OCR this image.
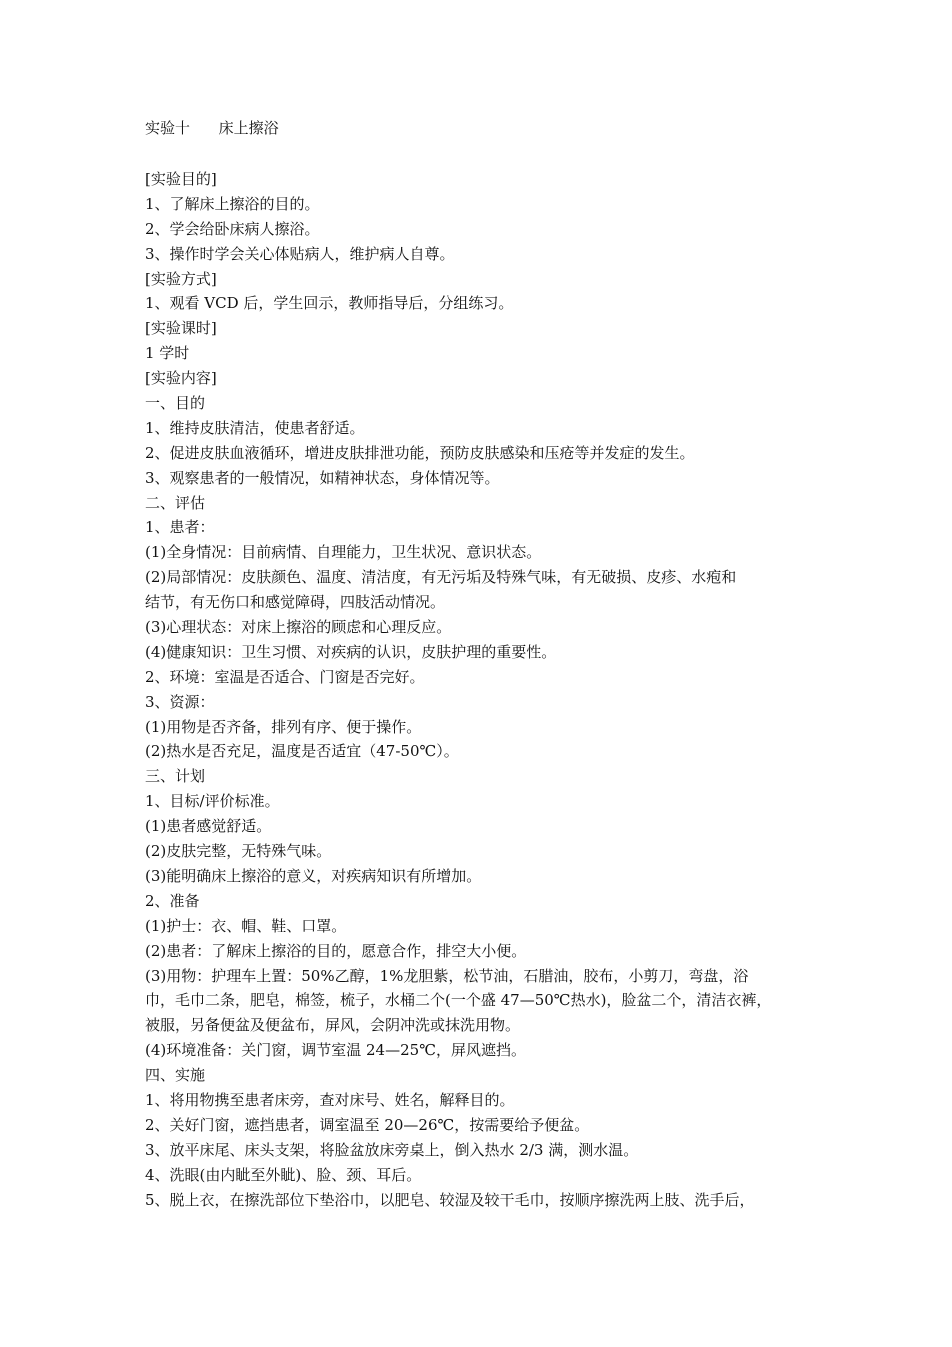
实验十      床上擦浴
[实验目的]
1、了解床上擦浴的目的。
2、学会给卧床病人擦浴。
3、操作时学会关心体贴病人，维护病人自尊。
[实验方式]
1、观看 VCD 后，学生回示，教师指导后，分组练习。
[实验课时]
1 学时
[实验内容]
一、目的
1、维持皮肤清洁，使患者舒适。
2、促进皮肤血液循环，增进皮肤排泄功能，预防皮肤感染和压疮等并发症的发生。
3、观察患者的一般情况，如精神状态，身体情况等。
二、评估
1、患者：
(1)全身情况：目前病情、自理能力，卫生状况、意识状态。
(2)局部情况：皮肤颜色、温度、清洁度，有无污垢及特殊气味，有无破损、皮疹、水疱和
结节，有无伤口和感觉障碍，四肢活动情况。
(3)心理状态：对床上擦浴的顾虑和心理反应。
(4)健康知识：卫生习惯、对疾病的认识，皮肤护理的重要性。
2、环境：室温是否适合、门窗是否完好。
3、资源：
(1)用物是否齐备，排列有序、便于操作。
(2)热水是否充足，温度是否适宜（47-50℃）。
三、计划
1、目标/评价标准。
(1)患者感觉舒适。
(2)皮肤完整，无特殊气味。
(3)能明确床上擦浴的意义，对疾病知识有所增加。
2、准备
(1)护士：衣、帽、鞋、口罩。
(2)患者：了解床上擦浴的目的，愿意合作，排空大小便。
(3)用物：护理车上置：50%乙醇，1%龙胆紫，松节油，石腊油，胶布，小剪刀，弯盘，浴
巾，毛巾二条，肥皂，棉签，梳子，水桶二个(一个盛 47—50℃热水)，脸盆二个，清洁衣裤，
被服，另备便盆及便盆布，屏风，会阴冲洗或抹洗用物。
(4)环境准备：关门窗，调节室温 24—25℃，屏风遮挡。
四、实施
1、将用物携至患者床旁，查对床号、姓名，解释目的。
2、关好门窗，遮挡患者，调室温至 20—26℃，按需要给予便盆。
3、放平床尾、床头支架，将脸盆放床旁桌上，倒入热水 2/3 满，测水温。
4、洗眼(由内眦至外眦)、脸、颈、耳后。
5、脱上衣，在擦洗部位下垫浴巾，以肥皂、较湿及较干毛巾，按顺序擦洗两上肢、洗手后，
